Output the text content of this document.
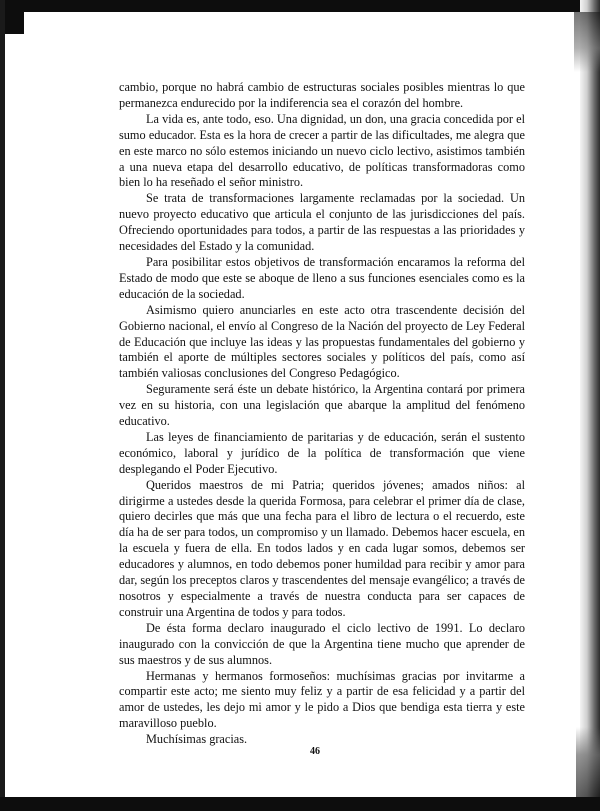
cambio, porque no habrá cambio de estructuras sociales posibles mientras lo que permanezca endurecido por la indiferencia sea el corazón del hombre.

La vida es, ante todo, eso. Una dignidad, un don, una gracia concedida por el sumo educador. Esta es la hora de crecer a partir de las dificultades, me alegra que en este marco no sólo estemos iniciando un nuevo ciclo lectivo, asistimos también a una nueva etapa del desarrollo educativo, de políticas transformadoras como bien lo ha reseñado el señor ministro.

Se trata de transformaciones largamente reclamadas por la sociedad. Un nuevo proyecto educativo que articula el conjunto de las jurisdicciones del país. Ofreciendo oportunidades para todos, a partir de las respuestas a las prioridades y necesidades del Estado y la comunidad.

Para posibilitar estos objetivos de transformación encaramos la reforma del Estado de modo que este se aboque de lleno a sus funciones esenciales como es la educación de la sociedad.

Asimismo quiero anunciarles en este acto otra trascendente decisión del Gobierno nacional, el envío al Congreso de la Nación del proyecto de Ley Federal de Educación que incluye las ideas y las propuestas fundamentales del gobierno y también el aporte de múltiples sectores sociales y políticos del país, como así también valiosas conclusiones del Congreso Pedagógico.

Seguramente será éste un debate histórico, la Argentina contará por primera vez en su historia, con una legislación que abarque la amplitud del fenómeno educativo.

Las leyes de financiamiento de paritarias y de educación, serán el sustento económico, laboral y jurídico de la política de transformación que viene desplegando el Poder Ejecutivo.

Queridos maestros de mi Patria; queridos jóvenes; amados niños: al dirigirme a ustedes desde la querida Formosa, para celebrar el primer día de clase, quiero decirles que más que una fecha para el libro de lectura o el recuerdo, este día ha de ser para todos, un compromiso y un llamado. Debemos hacer escuela, en la escuela y fuera de ella. En todos lados y en cada lugar somos, debemos ser educadores y alumnos, en todo debemos poner humildad para recibir y amor para dar, según los preceptos claros y trascendentes del mensaje evangélico; a través de nosotros y especialmente a través de nuestra conducta para ser capaces de construir una Argentina de todos y para todos.

De ésta forma declaro inaugurado el ciclo lectivo de 1991. Lo declaro inaugurado con la convicción de que la Argentina tiene mucho que aprender de sus maestros y de sus alumnos.

Hermanas y hermanos formoseños: muchísimas gracias por invitarme a compartir este acto; me siento muy feliz y a partir de esa felicidad y a partir del amor de ustedes, les dejo mi amor y le pido a Dios que bendiga esta tierra y este maravilloso pueblo.

Muchísimas gracias.

46
